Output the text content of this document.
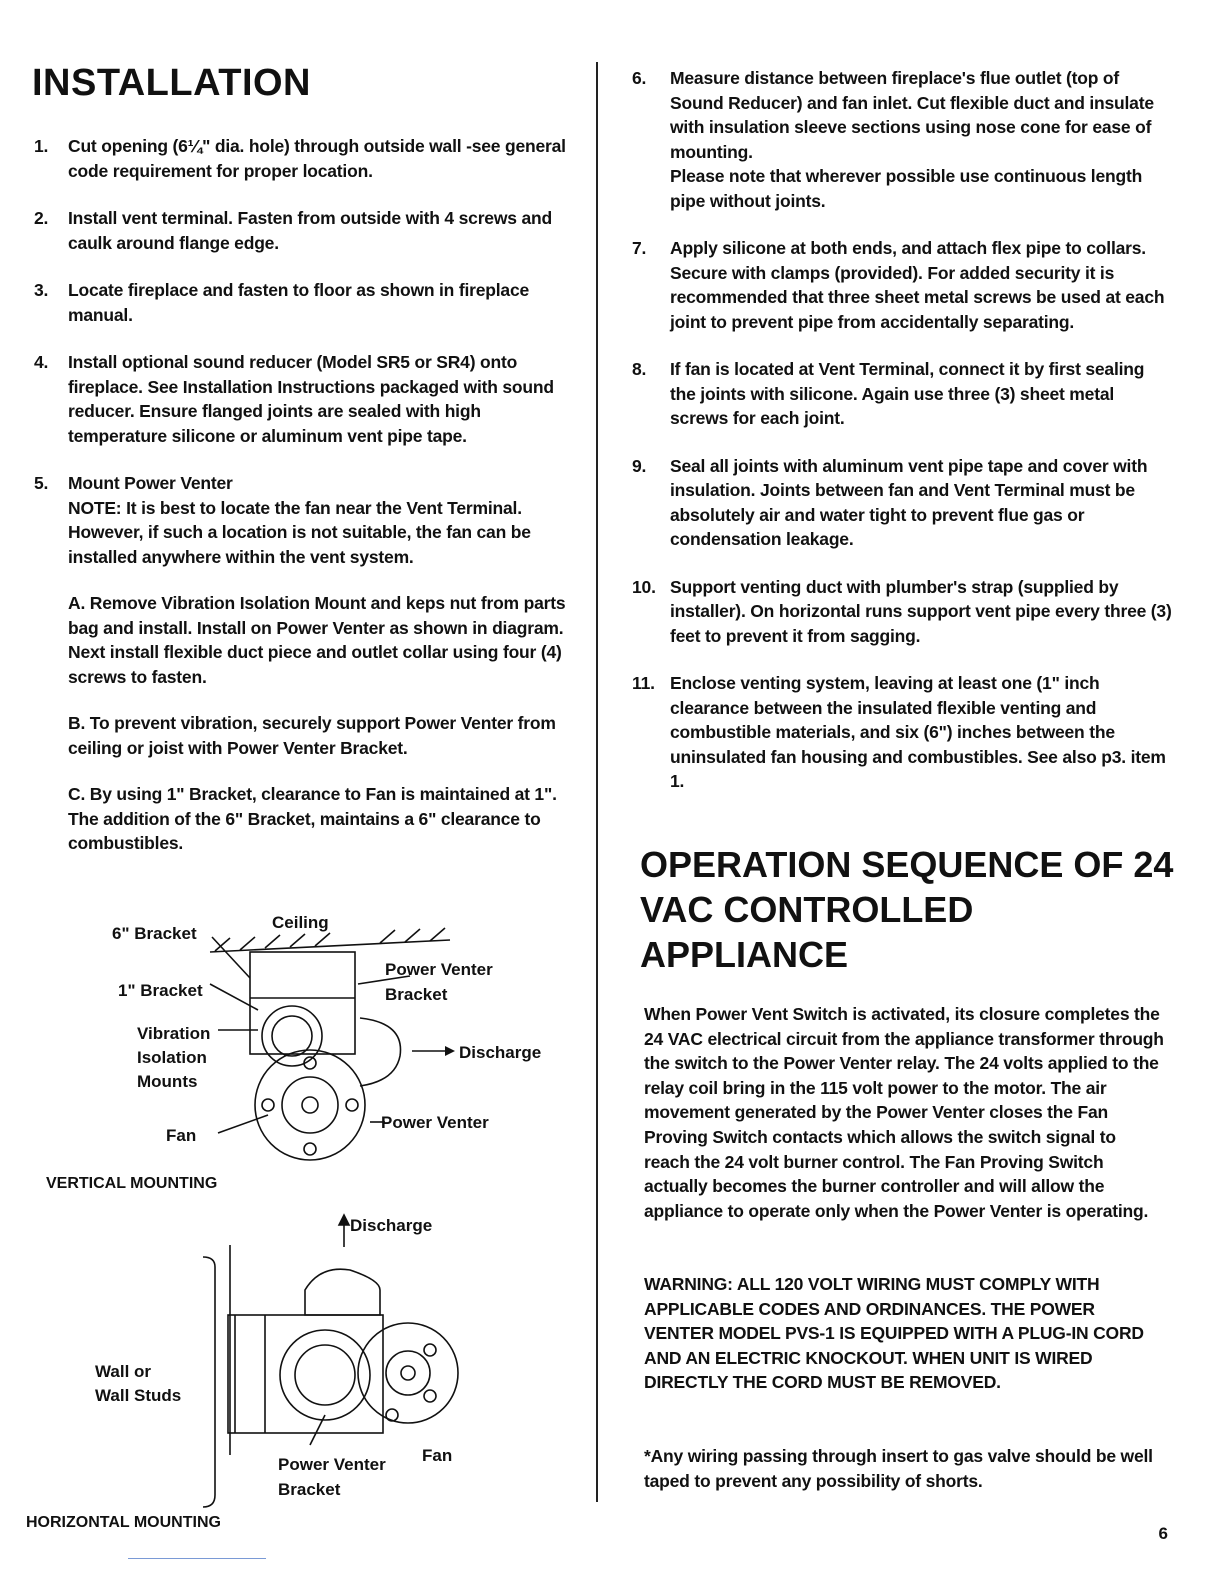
INSTALLATION
1.	Cut opening (6¼" dia. hole) through outside wall -see general code requirement for proper location.
2.	Install vent terminal. Fasten from outside with 4 screws and caulk around flange edge.
3.	Locate fireplace and fasten to floor as shown in fireplace manual.
4.	Install optional sound reducer (Model SR5 or SR4) onto fireplace. See Installation Instructions packaged with sound reducer. Ensure flanged joints are sealed with high temperature silicone or aluminum vent pipe tape.
5.	Mount Power Venter

NOTE: It is best to locate the fan near the Vent Terminal. However, if such a location is not suitable, the fan can be installed anywhere within the vent system.

A. Remove Vibration Isolation Mount and keps nut from parts bag and install. Install on Power Venter as shown in diagram. Next install flexible duct piece and outlet collar using four (4) screws to fasten.

B. To prevent vibration, securely support Power Venter from ceiling or joist with Power Venter Bracket.

C. By using 1" Bracket, clearance to Fan is maintained at 1". The addition of the 6" Bracket, maintains a 6" clearance to combustibles.

6" Bracket
Ceiling
1" Bracket
Vibration
Isolation
Mounts
Fan
Power Venter
Bracket
Discharge
Power Venter
VERTICAL MOUNTING
Discharge
Wall or
Wall Studs
Power Venter
Bracket
Fan
HORIZONTAL MOUNTING
6.	Measure distance between fireplace's flue outlet (top of Sound Reducer) and fan inlet. Cut flexible duct and insulate with insulation sleeve sections using nose cone for ease of mounting.

Please note that wherever possible use continuous length pipe without joints.

7.	Apply silicone at both ends, and attach flex pipe to collars. Secure with clamps (provided). For added security it is recommended that three sheet metal screws be used at each joint to prevent pipe from accidentally separating.
8.	If fan is located at Vent Terminal, connect it by first sealing the joints with silicone. Again use three (3) sheet metal screws for each joint.
9.	Seal all joints with aluminum vent pipe tape and cover with insulation. Joints between fan and Vent Terminal must be absolutely air and water tight to prevent flue gas or condensation leakage.
10. Support venting duct with plumber's strap (supplied by installer). On horizontal runs support vent pipe every three (3) feet to prevent it from sagging.
11. Enclose venting system, leaving at least one (1" inch clearance between the insulated flexible venting and combustible materials, and six (6") inches between the uninsulated fan housing and combustibles. See also p3. item 1.
OPERATION SEQUENCE OF 24 VAC CONTROLLED APPLIANCE

When Power Vent Switch is activated, its closure completes the 24 VAC electrical circuit from the appliance transformer through the switch to the Power Venter relay. The 24 volts applied to the relay coil bring in the 115 volt power to the motor. The air movement generated by the Power Venter closes the Fan Proving Switch contacts which allows the switch signal to reach the 24 volt burner control. The Fan Proving Switch actually becomes the burner controller and will allow the appliance to operate only when the Power Venter is operating.

WARNING: ALL 120 VOLT WIRING MUST COMPLY WITH APPLICABLE CODES AND ORDINANCES. THE POWER VENTER MODEL PVS-1 IS EQUIPPED WITH A PLUG-IN CORD AND AN ELECTRIC KNOCKOUT. WHEN UNIT IS WIRED DIRECTLY THE CORD MUST BE REMOVED.

*Any wiring passing through insert to gas valve should be well taped to prevent any possibility of shorts.

6
